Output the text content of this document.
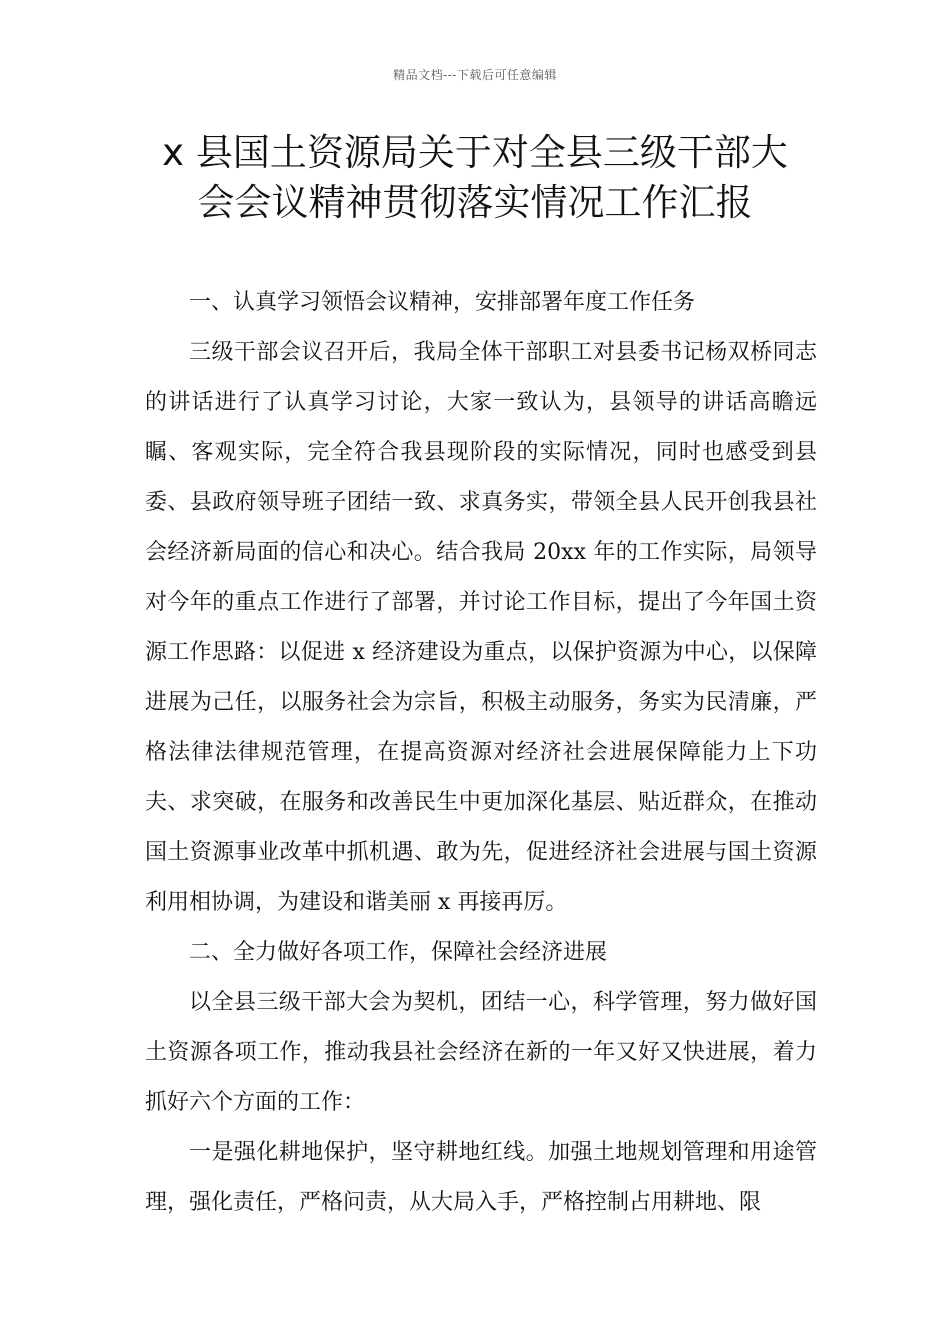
精品文档---下载后可任意编辑
x 县国土资源局关于对全县三级干部大
会会议精神贯彻落实情况工作汇报

一、认真学习领悟会议精神，安排部署年度工作任务

三级干部会议召开后，我局全体干部职工对县委书记杨双桥同志的讲话进行了认真学习讨论，大家一致认为，县领导的讲话高瞻远瞩、客观实际，完全符合我县现阶段的实际情况，同时也感受到县委、县政府领导班子团结一致、求真务实，带领全县人民开创我县社会经济新局面的信心和决心。结合我局 20xx 年的工作实际，局领导对今年的重点工作进行了部署，并讨论工作目标，提出了今年国土资源工作思路：以促进 x 经济建设为重点，以保护资源为中心，以保障进展为己任，以服务社会为宗旨，积极主动服务，务实为民清廉，严格法律法律规范管理，在提高资源对经济社会进展保障能力上下功夫、求突破，在服务和改善民生中更加深化基层、贴近群众，在推动国土资源事业改革中抓机遇、敢为先，促进经济社会进展与国土资源利用相协调，为建设和谐美丽 x 再接再厉。

二、全力做好各项工作，保障社会经济进展

以全县三级干部大会为契机，团结一心，科学管理，努力做好国土资源各项工作，推动我县社会经济在新的一年又好又快进展，着力抓好六个方面的工作：

一是强化耕地保护，坚守耕地红线。加强土地规划管理和用途管理，强化责任，严格问责，从大局入手，严格控制占用耕地、限
